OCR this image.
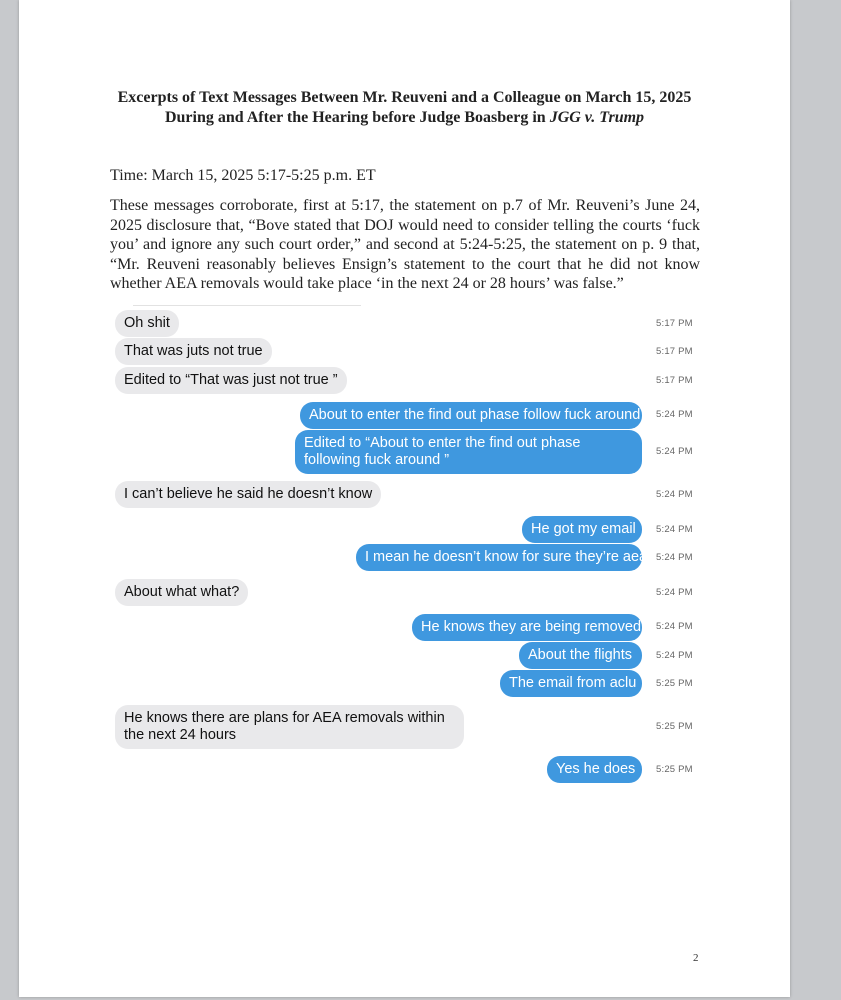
Excerpts of Text Messages Between Mr. Reuveni and a Colleague on March 15, 2025
During and After the Hearing before Judge Boasberg in JGG v. Trump
Time: March 15, 2025 5:17-5:25 p.m. ET
These messages corroborate, first at 5:17, the statement on p.7 of Mr. Reuveni’s June 24, 2025 disclosure that, “Bove stated that DOJ would need to consider telling the courts ‘fuck you’ and ignore any such court order,” and second at 5:24-5:25, the statement on p. 9 that, “Mr. Reuveni reasonably believes Ensign’s statement to the court that he did not know whether AEA removals would take place ‘in the next 24 or 28 hours’ was false.”
Oh shit	5:17 PM
That was juts not true	5:17 PM
Edited to “That was just not true ”	5:17 PM
About to enter the find out phase follow fuck around 5:24 PM
Edited to “About to enter the find out phase following fuck around ”
5:24 PM
I can’t believe he said he doesn’t know	5:24 PM
He got my email	5:24 PM
I mean he doesn’t know for sure they’re aea 5:24 PM
About what what?	5:24 PM
He knows they are being removed 5:24 PM
About the flights	5:24 PM
The email from aclu	5:25 PM
He knows there are plans for AEA removals within the next 24 hours
5:25 PM
Yes he does	5:25 PM
2
